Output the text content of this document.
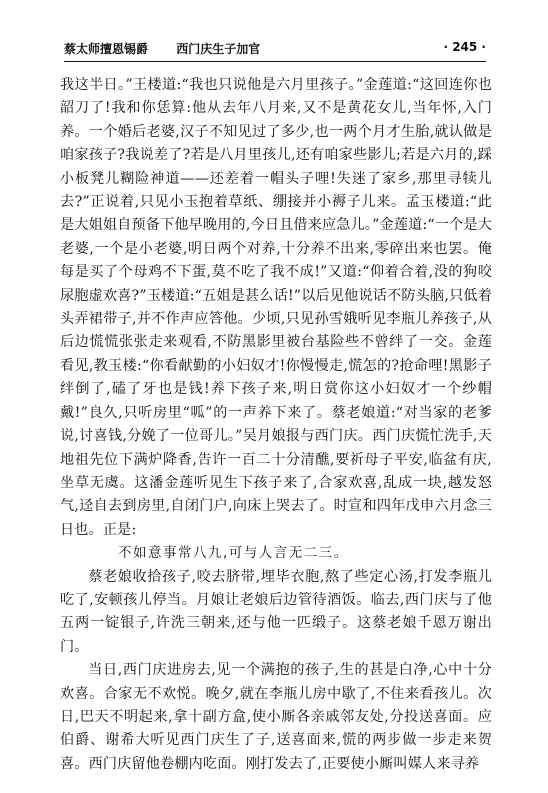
蔡太师擅恩锡爵 西门庆生子加官	· 245 ·

我这半日。”王楼道:“我也只说他是六月里孩子。”金莲道:“这回连你也韶刀了!我和你恁算:他从去年八月来,又不是黄花女儿,当年怀,入门养。一个婚后老婆,汉子不知见过了多少,也一两个月才生胎,就认做是咱家孩子?我说差了?若是八月里孩儿,还有咱家些影儿;若是六月的,踩小板凳儿糊险神道——还差着一帽头子哩!失迷了家乡,那里寻犊儿去?”正说着,只见小玉抱着草纸、绷接并小褥子儿来。孟玉楼道:“此是大姐姐自预备下他早晚用的,今日且借来应急儿。”金莲道:“一个是大老婆,一个是小老婆,明日两个对养,十分养不出来,零碎出来也罢。俺每是买了个母鸡不下蛋,莫不吃了我不成!”又道:“仰着合着,没的狗咬尿胞虚欢喜?”玉楼道:“五姐是甚么话!”以后见他说话不防头脑,只低着头弄裙带子,并不作声应答他。少顷,只见孙雪娥听见李瓶儿养孩子,从后边慌慌张张走来观看,不防黑影里被台基险些不曾绊了一交。金莲看见,教玉楼:“你看献勤的小妇奴才!你慢慢走,慌怎的?抢命哩!黑影子绊倒了,磕了牙也是钱!养下孩子来,明日赏你这小妇奴才一个纱帽戴!”良久,只听房里“呱”的一声养下来了。蔡老娘道:“对当家的老爹说,讨喜钱,分娩了一位哥儿。”吴月娘报与西门庆。西门庆慌忙洗手,天地祖先位下满炉降香,告许一百二十分清醮,要祈母子平安,临盆有庆,坐草无虞。这潘金莲听见生下孩子来了,合家欢喜,乱成一块,越发怒气,迳自去到房里,自闭门户,向床上哭去了。时宣和四年戊申六月念三日也。正是:

不如意事常八九,可与人言无二三。

蔡老娘收拾孩子,咬去脐带,埋毕衣胞,熬了些定心汤,打发李瓶儿吃了,安顿孩儿停当。月娘让老娘后边管待酒饭。临去,西门庆与了他五两一锭银子,许洗三朝来,还与他一匹缎子。这蔡老娘千恩万谢出门。

当日,西门庆进房去,见一个满抱的孩子,生的甚是白净,心中十分欢喜。合家无不欢悦。晚夕,就在李瓶儿房中歇了,不住来看孩儿。次日,巴天不明起来,拿十副方盒,使小厮各亲戚邻友处,分投送喜面。应伯爵、谢希大听见西门庆生了子,送喜面来,慌的两步做一步走来贺喜。西门庆留他卷棚内吃面。刚打发去了,正要使小厮叫媒人来寻养
